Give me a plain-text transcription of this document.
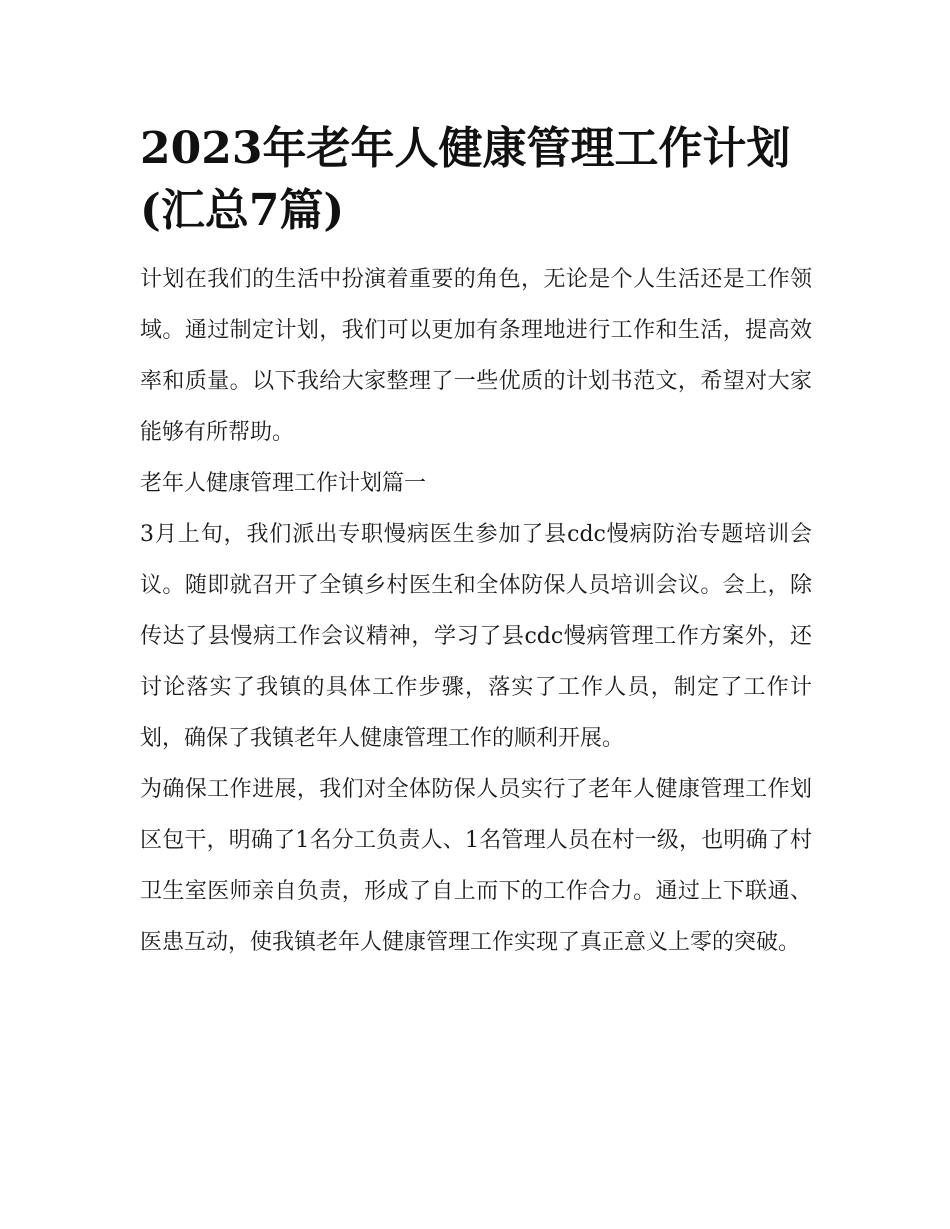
2023年老年人健康管理工作计划(汇总7篇)

计划在我们的生活中扮演着重要的角色，无论是个人生活还是工作领域。通过制定计划，我们可以更加有条理地进行工作和生活，提高效率和质量。以下我给大家整理了一些优质的计划书范文，希望对大家能够有所帮助。

老年人健康管理工作计划篇一

3月上旬，我们派出专职慢病医生参加了县cdc慢病防治专题培训会议。随即就召开了全镇乡村医生和全体防保人员培训会议。会上，除传达了县慢病工作会议精神，学习了县cdc慢病管理工作方案外，还讨论落实了我镇的具体工作步骤，落实了工作人员，制定了工作计划，确保了我镇老年人健康管理工作的顺利开展。

为确保工作进展，我们对全体防保人员实行了老年人健康管理工作划区包干，明确了1名分工负责人、1名管理人员在村一级，也明确了村卫生室医师亲自负责，形成了自上而下的工作合力。通过上下联通、医患互动，使我镇老年人健康管理工作实现了真正意义上零的突破。
